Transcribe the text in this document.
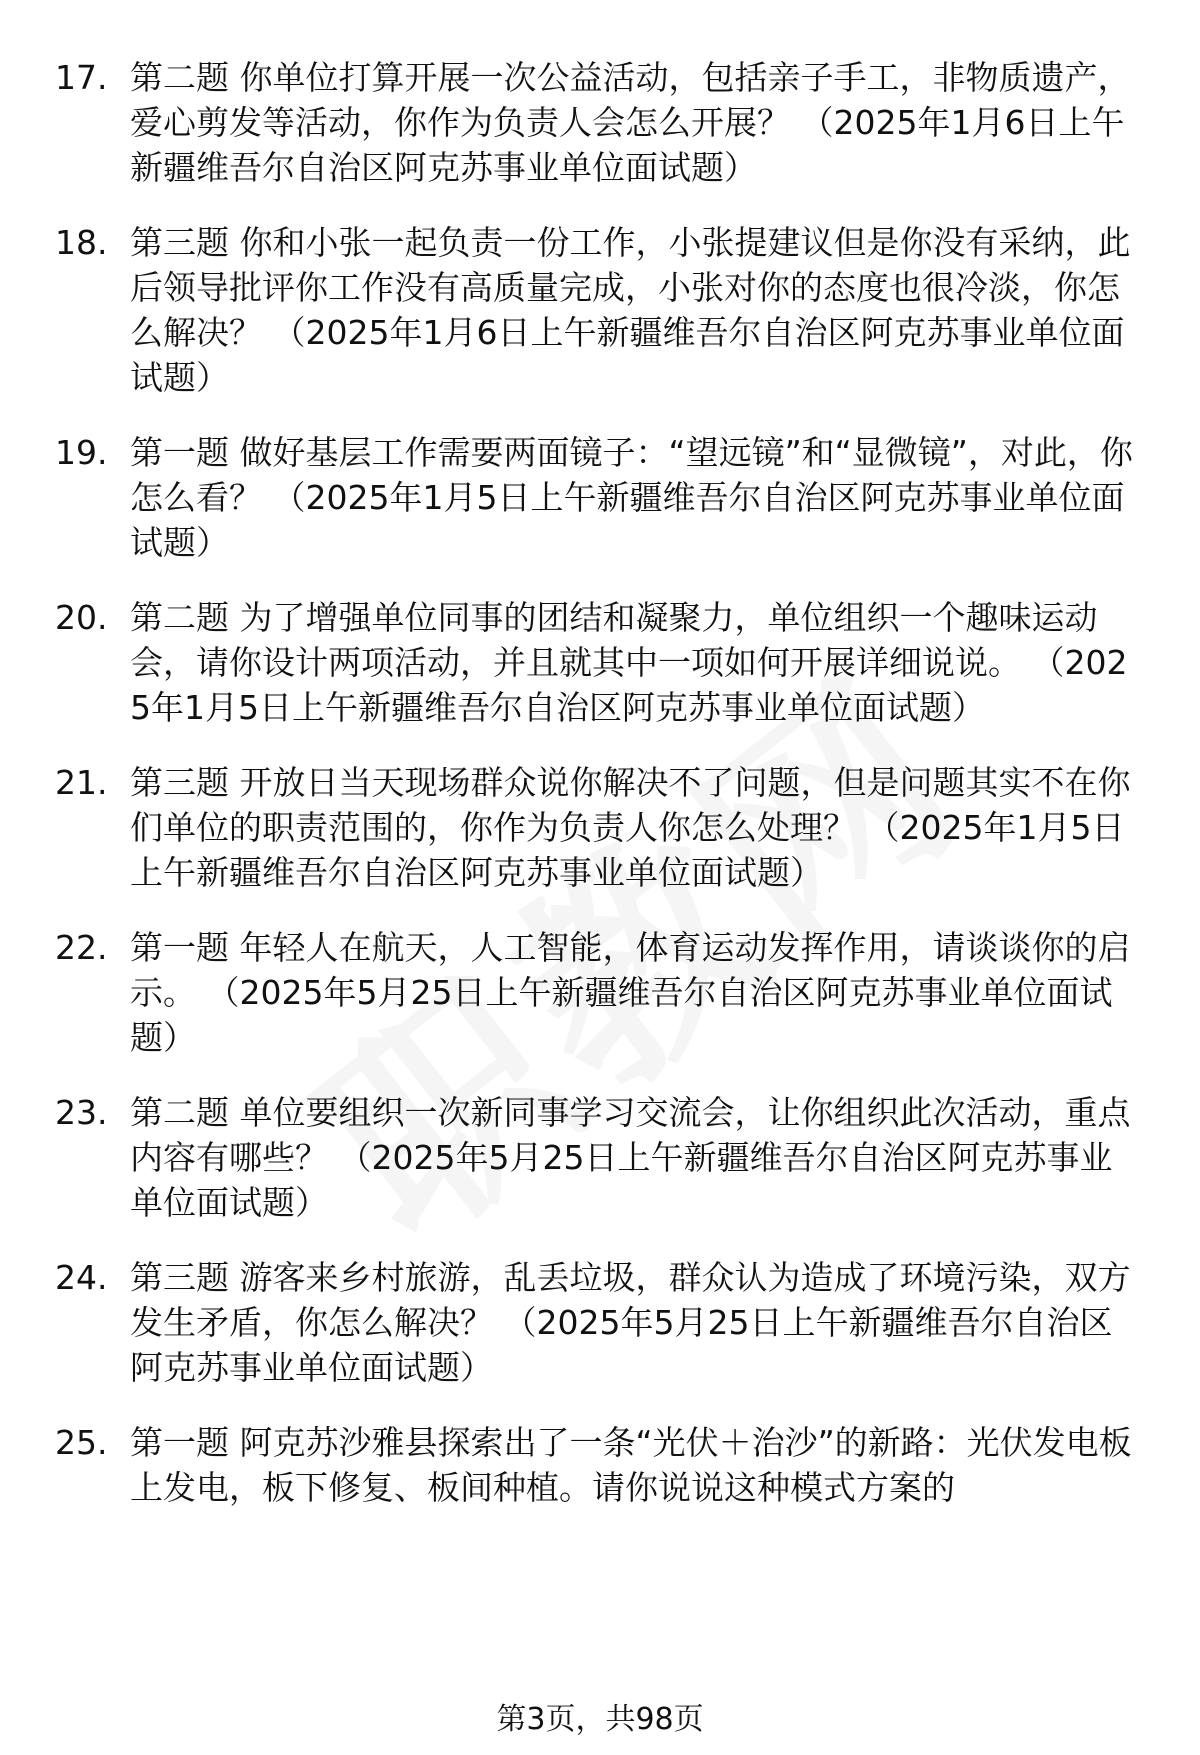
17. 第二题 你单位打算开展一次公益活动，包括亲子手工，非物质遗产，爱心剪发等活动，你作为负责人会怎么开展？ （2025年1月6日上午新疆维吾尔自治区阿克苏事业单位面试题）
18. 第三题 你和小张一起负责一份工作，小张提建议但是你没有采纳，此后领导批评你工作没有高质量完成，小张对你的态度也很冷淡，你怎么解决？ （2025年1月6日上午新疆维吾尔自治区阿克苏事业单位面试题）
19. 第一题 做好基层工作需要两面镜子：“望远镜”和“显微镜”，对此，你怎么看？ （2025年1月5日上午新疆维吾尔自治区阿克苏事业单位面试题）
20. 第二题 为了增强单位同事的团结和凝聚力，单位组织一个趣味运动会，请你设计两项活动，并且就其中一项如何开展详细说说。 （2025年1月5日上午新疆维吾尔自治区阿克苏事业单位面试题）
21. 第三题 开放日当天现场群众说你解决不了问题，但是问题其实不在你们单位的职责范围的，你作为负责人你怎么处理？ （2025年1月5日上午新疆维吾尔自治区阿克苏事业单位面试题）
22. 第一题 年轻人在航天，人工智能，体育运动发挥作用，请谈谈你的启示。 （2025年5月25日上午新疆维吾尔自治区阿克苏事业单位面试题）
23. 第二题 单位要组织一次新同事学习交流会，让你组织此次活动，重点内容有哪些？ （2025年5月25日上午新疆维吾尔自治区阿克苏事业单位面试题）
24. 第三题 游客来乡村旅游，乱丢垃圾，群众认为造成了环境污染，双方发生矛盾，你怎么解决？ （2025年5月25日上午新疆维吾尔自治区阿克苏事业单位面试题）
25. 第一题 阿克苏沙雅县探索出了一条“光伏＋治沙”的新路：光伏发电板上发电，板下修复、板间种植。请你说说这种模式方案的
第3页，共98页
